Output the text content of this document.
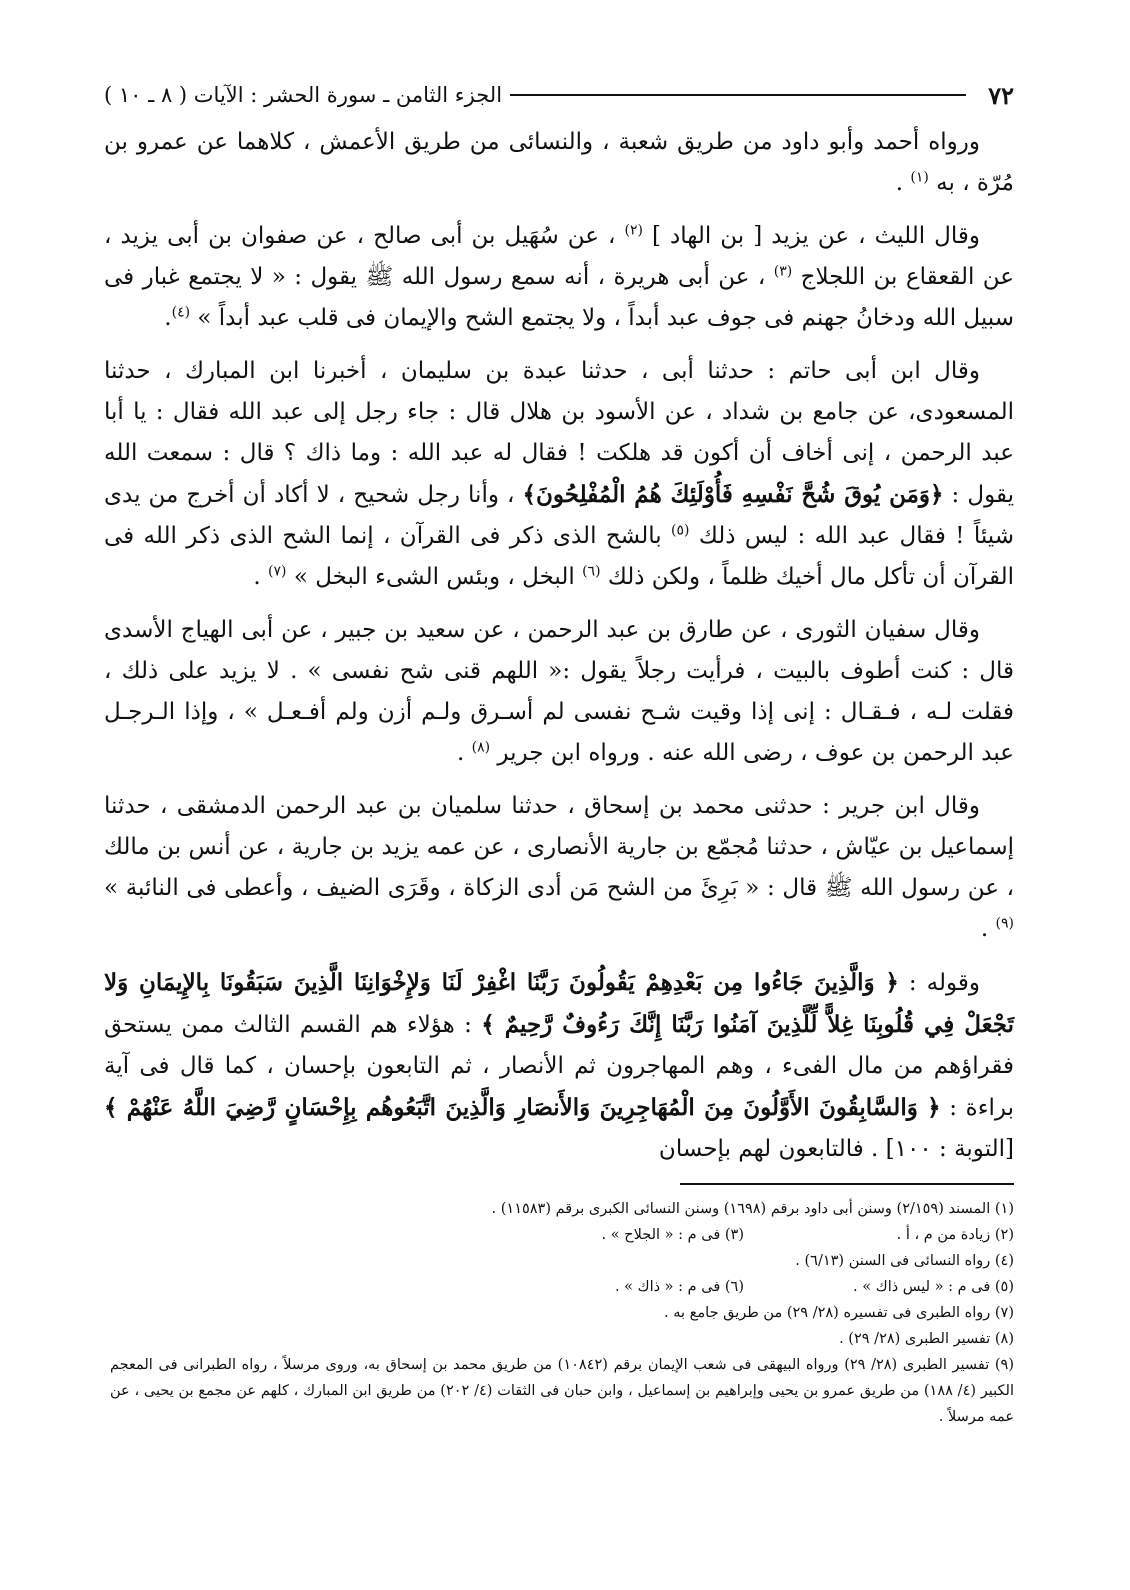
٧٢
الجزء الثامن ـ سورة الحشر : الآيات ( ٨ ـ ١٠ )

ورواه أحمد وأبو داود من طريق شعبة ، والنسائى من طريق الأعمش ، كلاهما عن عمرو بن مُرّة ، به $^{(١)}$ .

وقال الليث ، عن يزيد [ بن الهاد ] $^{(٢)}$ ، عن سُهَيل بن أبى صالح ، عن صفوان بن أبى يزيد ، عن القعقاع بن اللجلاج $^{(٣)}$ ، عن أبى هريرة ، أنه سمع رسول الله ﷺ يقول : « لا يجتمع غبار فى سبيل الله ودخانُ جهنم فى جوف عبد أبداً ، ولا يجتمع الشح والإيمان فى قلب عبد أبداً » $^{(٤)}$.

وقال ابن أبى حاتم : حدثنا أبى ، حدثنا عبدة بن سليمان ، أخبرنا ابن المبارك ، حدثنا المسعودى، عن جامع بن شداد ، عن الأسود بن هلال قال : جاء رجل إلى عبد الله فقال : يا أبا عبد الرحمن ، إنى أخاف أن أكون قد هلكت ! فقال له عبد الله : وما ذاك ؟ قال : سمعت الله يقول : ﴿وَمَن يُوقَ شُحَّ نَفْسِهِ فَأُوْلَئِكَ هُمُ الْمُفْلِحُونَ﴾ ، وأنا رجل شحيح ، لا أكاد أن أخرج من يدى شيئاً ! فقال عبد الله : ليس ذلك $^{(٥)}$ بالشح الذى ذكر فى القرآن ، إنما الشح الذى ذكر الله فى القرآن أن تأكل مال أخيك ظلماً ، ولكن ذلك $^{(٦)}$ البخل ، وبئس الشىء البخل » $^{(٧)}$ .

وقال سفيان الثورى ، عن طارق بن عبد الرحمن ، عن سعيد بن جبير ، عن أبى الهياج الأسدى قال : كنت أطوف بالبيت ، فرأيت رجلاً يقول :« اللهم قنى شح نفسى » . لا يزيد على ذلك ، فقلت لـه ، فـقـال : إنى إذا وقيت شـح نفسى لم أسـرق ولـم أزن ولم أفـعـل » ، وإذا الـرجـل عبد الرحمن بن عوف ، رضى الله عنه . ورواه ابن جرير $^{(٨)}$ .

وقال ابن جرير : حدثنى محمد بن إسحاق ، حدثنا سلميان بن عبد الرحمن الدمشقى ، حدثنا إسماعيل بن عيّاش ، حدثنا مُجمّع بن جارية الأنصارى ، عن عمه يزيد بن جارية ، عن أنس بن مالك ، عن رسول الله ﷺ قال : « بَرِئَ من الشح مَن أدى الزكاة ، وقَرَى الضيف ، وأعطى فى النائبة » $^{(٩)}$ .

وقوله : ﴿ وَالَّذِينَ جَاءُوا مِن بَعْدِهِمْ يَقُولُونَ رَبَّنَا اغْفِرْ لَنَا وَلإِخْوَانِنَا الَّذِينَ سَبَقُونَا بِالإِيمَانِ وَلا تَجْعَلْ فِي قُلُوبِنَا غِلاًّ لِّلَّذِينَ آمَنُوا رَبَّنَا إِنَّكَ رَءُوفٌ رَّحِيمٌ ﴾ : هؤلاء هم القسم الثالث ممن يستحق فقراؤهم من مال الفىء ، وهم المهاجرون ثم الأنصار ، ثم التابعون بإحسان ، كما قال فى آية براءة : ﴿ وَالسَّابِقُونَ الأَوَّلُونَ مِنَ الْمُهَاجِرِينَ وَالأَنصَارِ وَالَّذِينَ اتَّبَعُوهُم بِإِحْسَانٍ رَّضِيَ اللَّهُ عَنْهُمْ ﴾ [التوبة : ١٠٠] . فالتابعون لهم بإحسان

(١) المسند (٢/١٥٩) وسنن أبى داود برقم (١٦٩٨) وسنن النسائى الكبرى برقم (١١٥٨٣) .

(٢) زيادة من م ، أ .
(٣) فى م : « الجلاح » .

(٤) رواه النسائى فى السنن (٦/١٣) .

(٥) فى م : « ليس ذاك » .
(٦) فى م : « ذاك » .

(٧) رواه الطبرى فى تفسيره (٢٨/ ٢٩) من طريق جامع به .

(٨) تفسير الطبرى (٢٨/ ٢٩) .

(٩) تفسير الطبرى (٢٨/ ٢٩) ورواه البيهقى فى شعب الإيمان برقم (١٠٨٤٢) من طريق محمد بن إسحاق به، وروى مرسلاً ، رواه الطبرانى فى المعجم الكبير (٤/ ١٨٨) من طريق عمرو بن يحيى وإبراهيم بن إسماعيل ، وابن حبان فى الثقات (٤/ ٢٠٢) من طريق ابن المبارك ، كلهم عن مجمع بن يحيى ، عن عمه مرسلاً .
